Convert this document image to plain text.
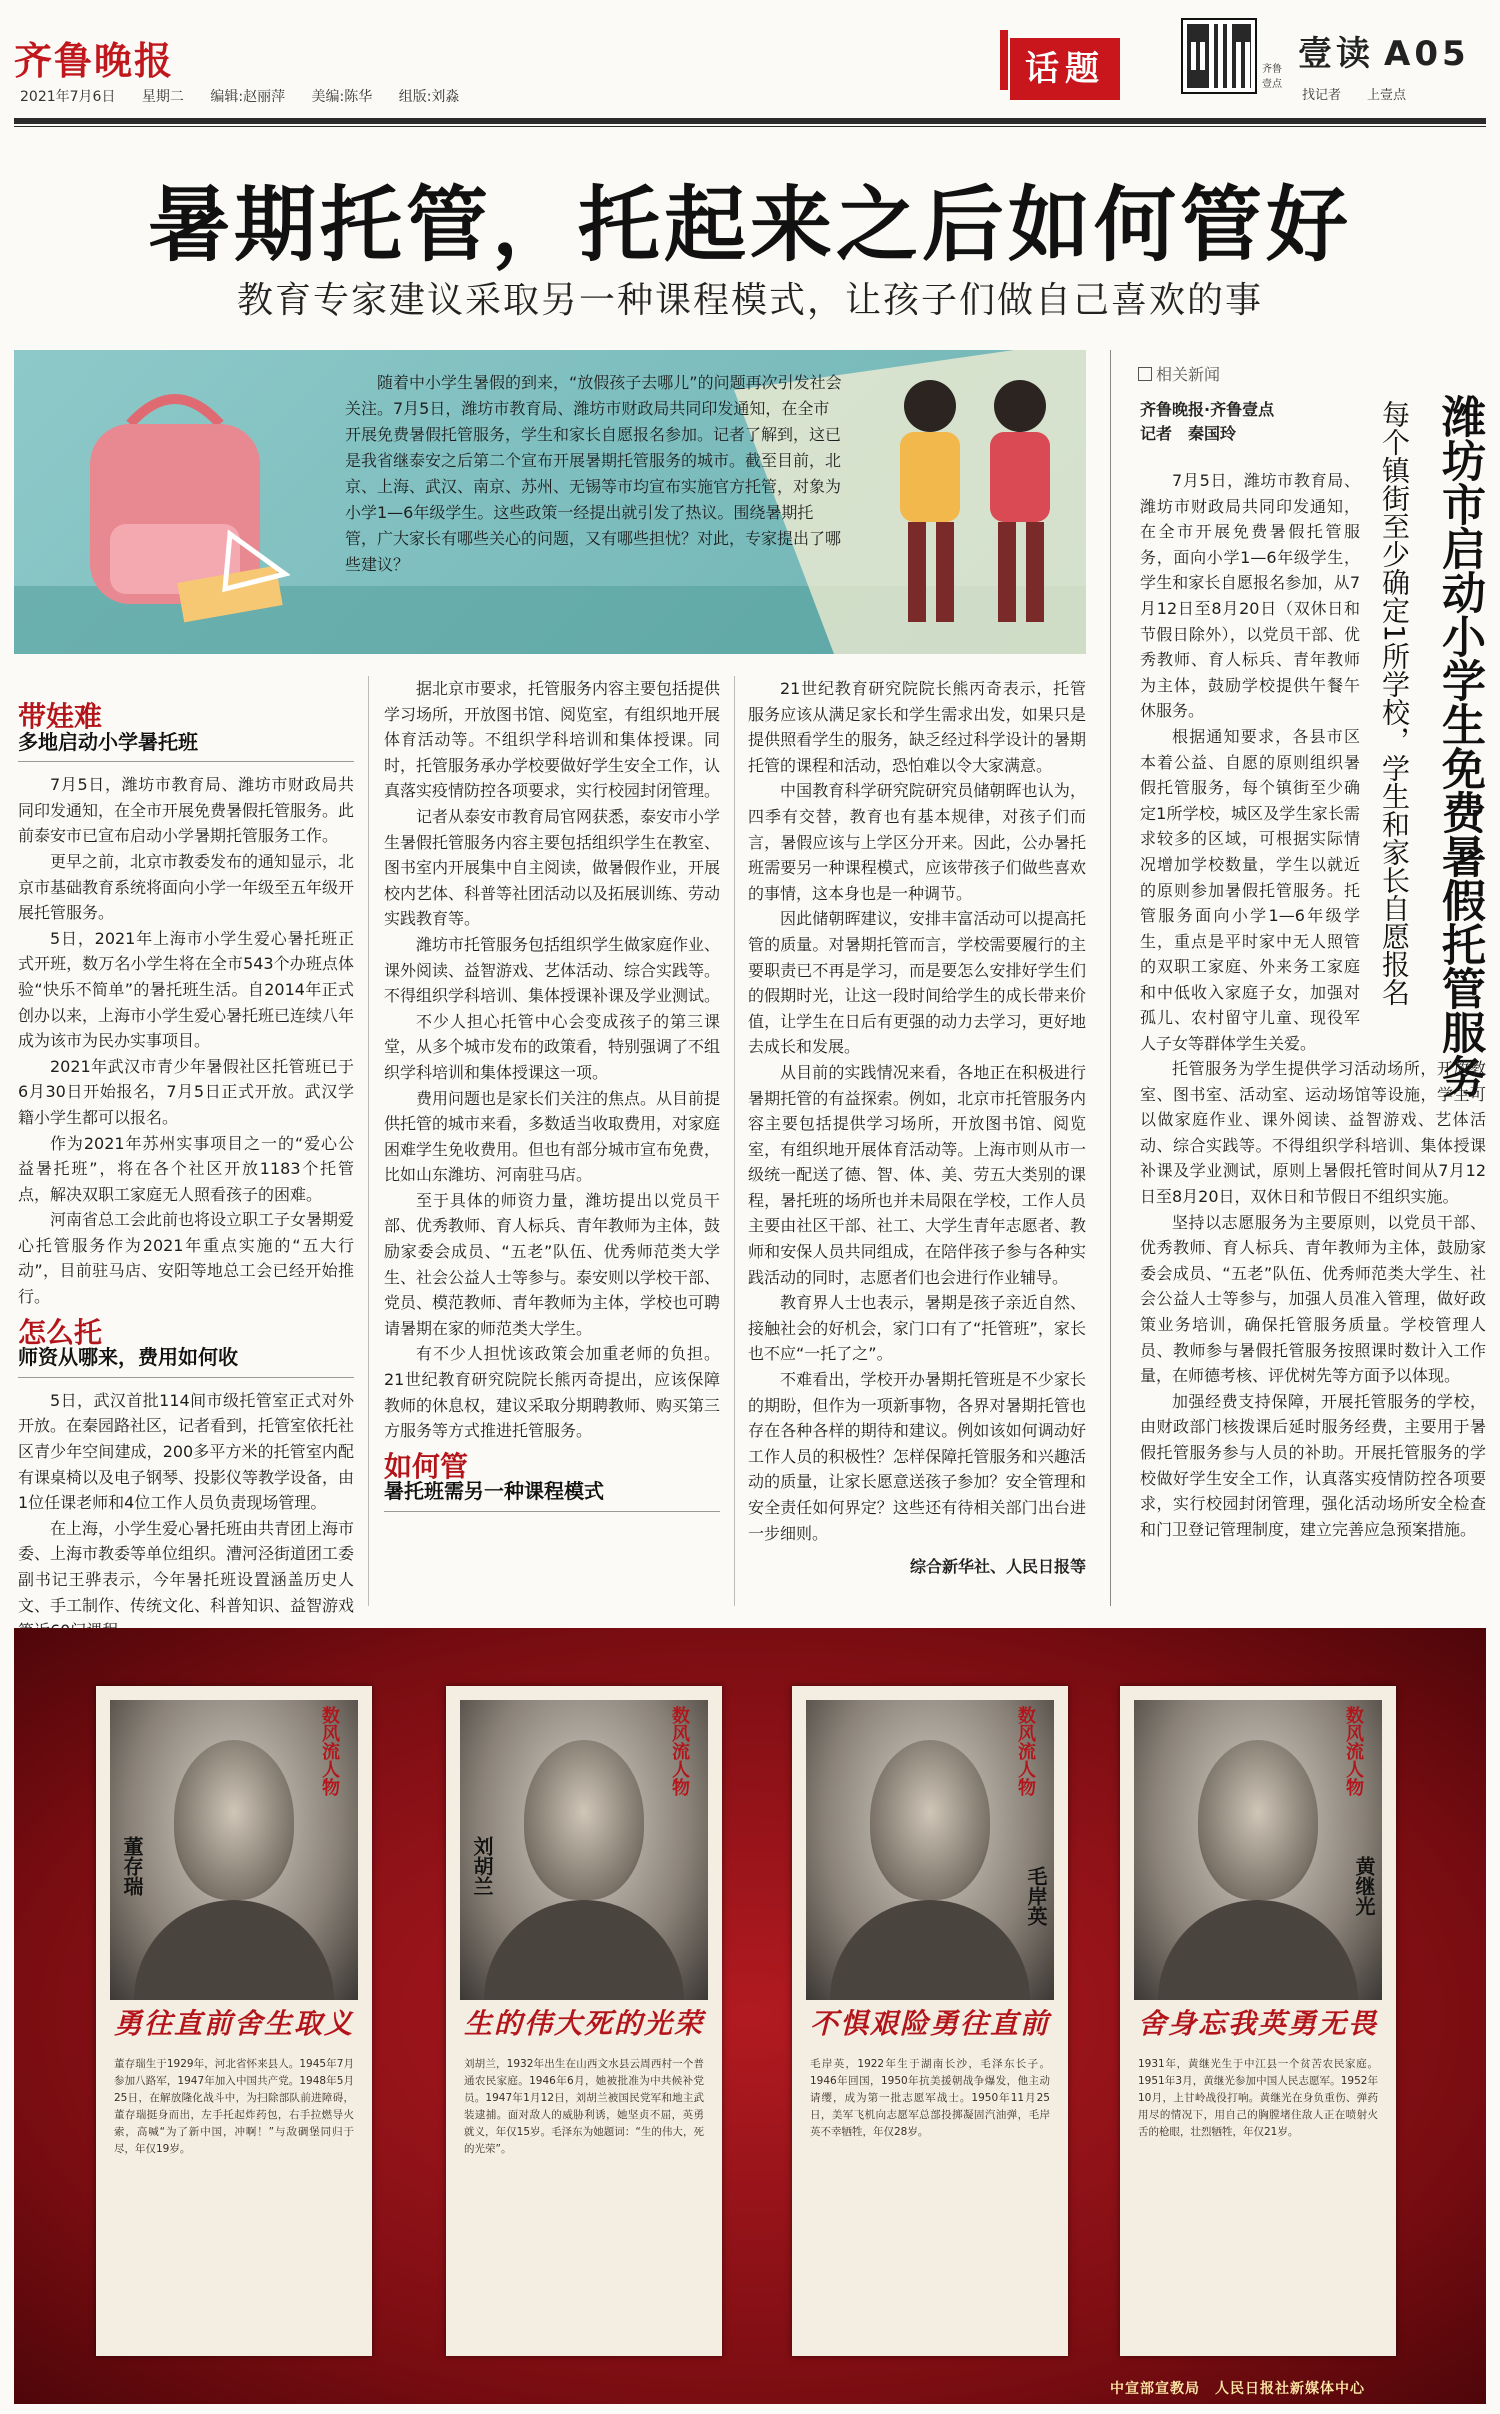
齐鲁晚报
2021年7月6日 星期二 编辑:赵丽萍 美编:陈华 组版:刘淼
话题	齐鲁壹点
壹读 A05
找记者　　上壹点
暑期托管，托起来之后如何管好
教育专家建议采取另一种课程模式，让孩子们做自己喜欢的事
随着中小学生暑假的到来，“放假孩子去哪儿”的问题再次引发社会关注。7月5日，潍坊市教育局、潍坊市财政局共同印发通知，在全市开展免费暑假托管服务，学生和家长自愿报名参加。记者了解到，这已是我省继泰安之后第二个宣布开展暑期托管服务的城市。截至目前，北京、上海、武汉、南京、苏州、无锡等市均宣布实施官方托管，对象为小学1—6年级学生。这些政策一经提出就引发了热议。围绕暑期托管，广大家长有哪些关心的问题，又有哪些担忧？对此，专家提出了哪些建议？
带娃难
多地启动小学暑托班

7月5日，潍坊市教育局、潍坊市财政局共同印发通知，在全市开展免费暑假托管服务。此前泰安市已宣布启动小学暑期托管服务工作。

更早之前，北京市教委发布的通知显示，北京市基础教育系统将面向小学一年级至五年级开展托管服务。

5日，2021年上海市小学生爱心暑托班正式开班，数万名小学生将在全市543个办班点体验“快乐不简单”的暑托班生活。自2014年正式创办以来，上海市小学生爱心暑托班已连续八年成为该市为民办实事项目。

2021年武汉市青少年暑假社区托管班已于6月30日开始报名，7月5日正式开放。武汉学籍小学生都可以报名。

作为2021年苏州实事项目之一的“爱心公益暑托班”，将在各个社区开放1183个托管点，解决双职工家庭无人照看孩子的困难。

河南省总工会此前也将设立职工子女暑期爱心托管服务作为2021年重点实施的“五大行动”，目前驻马店、安阳等地总工会已经开始推行。

怎么托
师资从哪来，费用如何收

5日，武汉首批114间市级托管室正式对外开放。在秦园路社区，记者看到，托管室依托社区青少年空间建成，200多平方米的托管室内配有课桌椅以及电子钢琴、投影仪等教学设备，由1位任课老师和4位工作人员负责现场管理。

在上海，小学生爱心暑托班由共青团上海市委、上海市教委等单位组织。漕河泾街道团工委副书记王骅表示，今年暑托班设置涵盖历史人文、手工制作、传统文化、科普知识、益智游戏

据北京市要求，托管服务内容主要包括提供学习场所，开放图书馆、阅览室，有组织地开展体育活动等。不组织学科培训和集体授课。同时，托管服务承办学校要做好学生安全工作，认真落实疫情防控各项要求，实行校园封闭管理。

记者从泰安市教育局官网获悉，泰安市小学生暑假托管服务内容主要包括组织学生在教室、图书室内开展集中自主阅读，做暑假作业，开展校内艺体、科普等社团活动以及拓展训练、劳动实践教育等。

潍坊市托管服务包括组织学生做家庭作业、课外阅读、益智游戏、艺体活动、综合实践等。不得组织学科培训、集体授课补课及学业测试。

不少人担心托管中心会变成孩子的第三课堂，从多个城市发布的政策看，特别强调了不组织学科培训和集体授课这一项。

费用问题也是家长们关注的焦点。从目前提供托管的城市来看，多数适当收取费用，对家庭困难学生免收费用。但也有部分城市宣布免费，比如山东潍坊、河南驻马店。

至于具体的师资力量，潍坊提出以党员干部、优秀教师、育人标兵、青年教师为主体，鼓励家委会成员、“五老”队伍、优秀师范类大学生、社会公益人士等参与。泰安则以学校干部、党员、模范教师、青年教师为主体，学校也可聘请暑期在家的师范类大学生。

有不少人担忧该政策会加重老师的负担。21世纪教育研究院院长熊丙奇提出，应该保障教师的休息权，建议采取分期聘教师、购买第三方服务等方式推进托管服务。

如何管
暑托班需另一种课程模式

21世纪教育研究院院长熊丙奇表示，托管服务应该从满足家长和学生需求出发，如果只是提供照看学生的服务，缺乏经过科学设计的暑期托管的课程和活动，恐怕难以令大家满意。

中国教育科学研究院研究员储朝晖也认为，四季有交替，教育也有基本规律，对孩子们而言，暑假应该与上学区分开来。因此，公办暑托班需要另一种课程模式，应该带孩子们做些喜欢的事情，这本身也是一种调节。

因此储朝晖建议，安排丰富活动可以提高托管的质量。对暑期托管而言，学校需要履行的主要职责已不再是学习，而是要怎么安排好学生们的假期时光，让这一段时间给学生的成长带来价值，让学生在日后有更强的动力去学习，更好地去成长和发展。

从目前的实践情况来看，各地正在积极进行暑期托管的有益探索。例如，北京市托管服务内容主要包括提供学习场所，开放图书馆、阅览室，有组织地开展体育活动等。上海市则从市一级统一配送了德、智、体、美、劳五大类别的课程，暑托班的场所也并未局限在学校，工作人员主要由社区干部、社工、大学生青年志愿者、教师和安保人员共同组成，在陪伴孩子参与各种实践活动的同时，志愿者们也会进行作业辅导。

教育界人士也表示，暑期是孩子亲近自然、接触社会的好机会，家门口有了“托管班”，家长也不应“一托了之”。

不难看出，学校开办暑期托管班是不少家长的期盼，但作为一项新事物，各界对暑期托管也存在各种各样的期待和建议。例如该如何调动好工作人员的积极性？怎样保障托管服务和兴趣活动的质量，让家长愿意送孩子参加？安全管理和安全责任如何界定？这些还有待相关部门出台进一步细则。

综合新华社、人民日报等
相关新闻
齐鲁晚报·齐鲁壹点
记者　秦国玲	潍坊市启动小学生免费暑假托管服务
每个镇街至少确定1所学校，学生和家长自愿报名

7月5日，潍坊市教育局、潍坊市财政局共同印发通知，在全市开展免费暑假托管服务，面向小学1—6年级学生，学生和家长自愿报名参加，从7月12日至8月20日（双休日和节假日除外），以党员干部、优秀教师、育人标兵、青年教师为主体，鼓励学校提供午餐午休服务。

根据通知要求，各县市区本着公益、自愿的原则组织暑假托管服务，每个镇街至少确定1所学校，城区及学生家长需求较多的区域，可根据实际情况增加学校数量，学生以就近的原则参加暑假托管服务。托管服务面向小学1—6年级学生，重点是平时家中无人照管的双职工家庭、外来务工家庭和中低收入家庭子女，加强对孤儿、农村留守儿童、现役军人子女等群体学生关爱。

托管服务为学生提供学习活动场所，开放教室、图书室、活动室、运动场馆等设施，学生可以做家庭作业、课外阅读、益智游戏、艺体活动、综合实践等。不得组织学科培训、集体授课补课及学业测试，原则上暑假托管时间从7月12日至8月20日，双休日和节假日不组织实施。

坚持以志愿服务为主要原则，以党员干部、优秀教师、育人标兵、青年教师为主体，鼓励家委会成员、“五老”队伍、优秀师范类大学生、社会公益人士等参与，加强人员准入管理，做好政策业务培训，确保托管服务质量。学校管理人员、教师参与暑假托管服务按照课时数计入工作量，在师德考核、评优树先等方面予以体现。

加强经费支持保障，开展托管服务的学校，由财政部门核拨课后延时服务经费，主要用于暑假托管服务参与人员的补助。开展托管服务的学校做好学生安全工作，认真落实疫情防控各项要求，实行校园封闭管理，强化活动场所安全检查和门卫登记管理制度，建立完善应急预案措施。

数风流人物
董存瑞
勇往直前舍生取义
董存瑞生于1929年，河北省怀来县人。1945年7月参加八路军，1947年加入中国共产党。1948年5月25日，在解放隆化战斗中，为扫除部队前进障碍，董存瑞挺身而出，左手托起炸药包，右手拉燃导火索，高喊“为了新中国，冲啊！”与敌碉堡同归于尽，年仅19岁。
数风流人物
刘胡兰
生的伟大死的光荣
刘胡兰，1932年出生在山西文水县云周西村一个普通农民家庭。1946年6月，她被批准为中共候补党员。1947年1月12日，刘胡兰被国民党军和地主武装逮捕。面对敌人的威胁利诱，她坚贞不屈，英勇就义，年仅15岁。毛泽东为她题词：“生的伟大，死的光荣”。
数风流人物
毛岸英
不惧艰险勇往直前
毛岸英，1922年生于湖南长沙，毛泽东长子。1946年回国，1950年抗美援朝战争爆发，他主动请缨，成为第一批志愿军战士。1950年11月25日，美军飞机向志愿军总部投掷凝固汽油弹，毛岸英不幸牺牲，年仅28岁。
数风流人物
黄继光
舍身忘我英勇无畏
1931年，黄继光生于中江县一个贫苦农民家庭。1951年3月，黄继光参加中国人民志愿军。1952年10月，上甘岭战役打响。黄继光在身负重伤、弹药用尽的情况下，用自己的胸膛堵住敌人正在喷射火舌的枪眼，壮烈牺牲，年仅21岁。
中宣部宣教局　人民日报社新媒体中心
